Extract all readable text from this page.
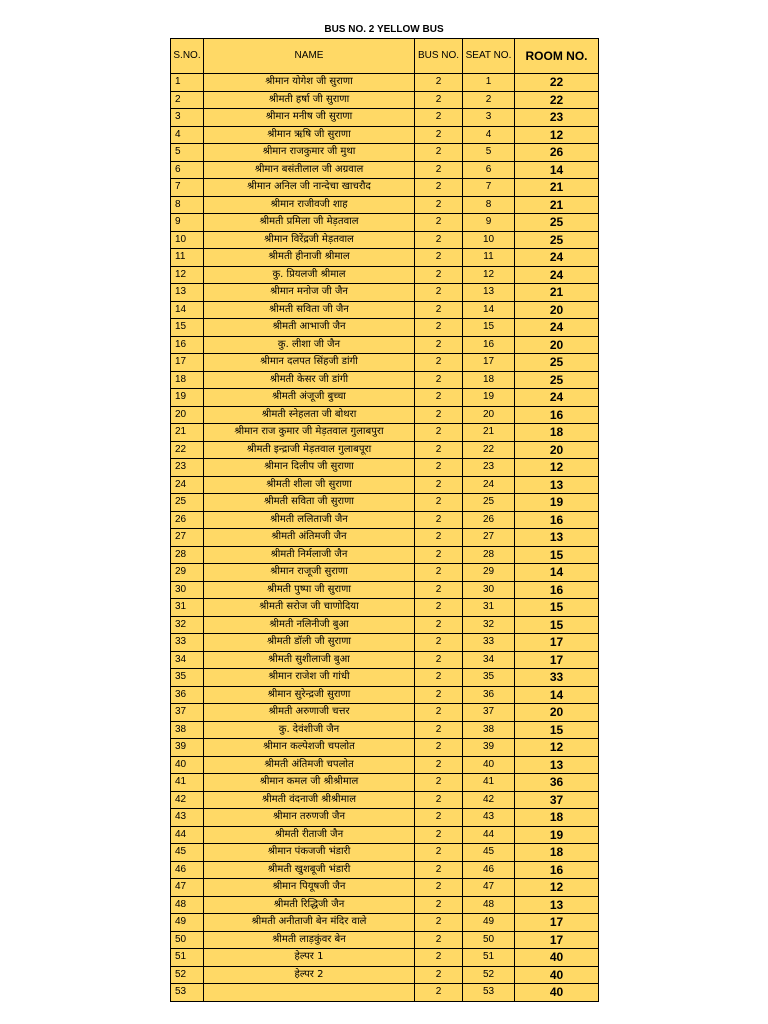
BUS NO. 2 YELLOW BUS
S.NO.	NAME	BUS NO.	SEAT NO.	ROOM NO.
1	श्रीमान योगेश जी सुराणा	2	1	22
2	श्रीमती हर्षा जी सुराणा	2	2	22
3	श्रीमान मनीष जी सुराणा	2	3	23
4	श्रीमान ऋषि जी सुराणा	2	4	12
5	श्रीमान राजकुमार जी मुथा	2	5	26
6	श्रीमान बसंतीलाल जी अग्रवाल	2	6	14
7	श्रीमान अनिल जी नान्देचा खाचरौद	2	7	21
8	श्रीमान राजीवजी शाह	2	8	21
9	श्रीमती प्रमिला जी मेड़तवाल	2	9	25
10	श्रीमान विरेंद्रजी मेड़तवाल	2	10	25
11	श्रीमती हीनाजी श्रीमाल	2	11	24
12	कु. प्रियलजी श्रीमाल	2	12	24
13	श्रीमान मनोज जी जैन	2	13	21
14	श्रीमती सविता जी जैन	2	14	20
15	श्रीमती आभाजी जैन	2	15	24
16	कु. लीशा जी जैन	2	16	20
17	श्रीमान दलपत सिंहजी डांगी	2	17	25
18	श्रीमती केसर जी डांगी	2	18	25
19	श्रीमती अंजूजी बुच्चा	2	19	24
20	श्रीमती स्नेहलता जी बोथरा	2	20	16
21	श्रीमान राज कुमार जी मेड़तवाल गुलाबपुरा	2	21	18
22	श्रीमती इन्द्राजी मेड़तवाल गुलाबपूरा	2	22	20
23	श्रीमान दिलीप जी सुराणा	2	23	12
24	श्रीमती शीला जी सुराणा	2	24	13
25	श्रीमती सविता जी सुराणा	2	25	19
26	श्रीमती ललिताजी जैन	2	26	16
27	श्रीमती अंतिमजी जैन	2	27	13
28	श्रीमती निर्मलाजी जैन	2	28	15
29	श्रीमान राजूजी सुराणा	2	29	14
30	श्रीमती पुष्पा जी सुराणा	2	30	16
31	श्रीमती सरोज जी चाणोदिया	2	31	15
32	श्रीमती नलिनीजी बुआ	2	32	15
33	श्रीमती डॉली जी सुराणा	2	33	17
34	श्रीमती सुशीलाजी बुआ	2	34	17
35	श्रीमान राजेश जी गांधी	2	35	33
36	श्रीमान सुरेन्द्रजी सुराणा	2	36	14
37	श्रीमती अरुणाजी चत्तर	2	37	20
38	कु. देवंशीजी जैन	2	38	15
39	श्रीमान कल्पेशजी चपलोत	2	39	12
40	श्रीमती अंतिमजी चपलोत	2	40	13
41	श्रीमान कमल जी श्रीश्रीमाल	2	41	36
42	श्रीमती वंदनाजी श्रीश्रीमाल	2	42	37
43	श्रीमान तरुणजी जैन	2	43	18
44	श्रीमती रीताजी जैन	2	44	19
45	श्रीमान पंकजजी भंडारी	2	45	18
46	श्रीमती खुशबूजी भंडारी	2	46	16
47	श्रीमान पियूषजी जैन	2	47	12
48	श्रीमती रिद्धिजी जैन	2	48	13
49	श्रीमती अनीताजी बेन मंदिर वाले	2	49	17
50	श्रीमती लाड़कुंवर बेन	2	50	17
51	हेल्पर 1	2	51	40
52	हेल्पर 2	2	52	40
53		2	53	40
